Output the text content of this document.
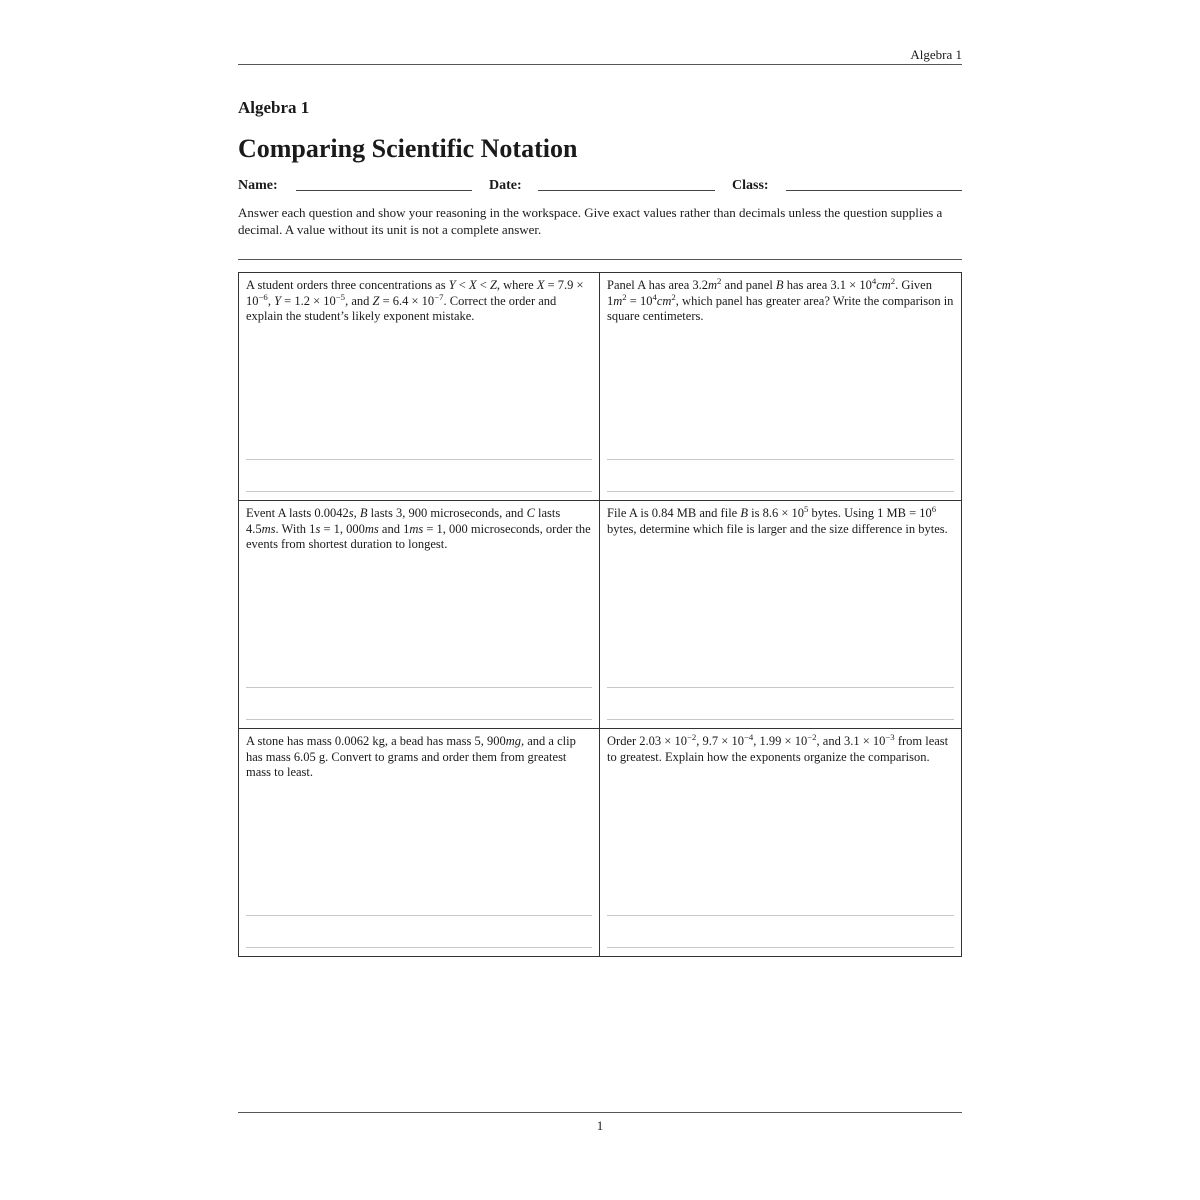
Algebra 1
Algebra 1
Comparing Scientific Notation
Name:	Date:	Class:
Answer each question and show your reasoning in the workspace. Give exact values rather than decimals unless the question supplies a decimal. A value without its unit is not a complete answer.
A student orders three concentrations as Y < X < Z, where $X = 7.9 \times 10^{-6}$, $Y = 1.2 \times 10^{-5}$, and $Z = 6.4 \times 10^{-7}$. Correct the order and explain the student’s likely exponent mistake.
Panel A has area $3.2m^2$ and panel B has area $3.1 \times 10^4cm^2$. Given $1m^2 = 10^4cm^2$, which panel has greater area? Write the comparison in square centimeters.
Event A lasts 0.0042s, B lasts 3, 900 microseconds, and C lasts 4.5ms. With 1s = 1, 000ms and 1ms = 1, 000 microseconds, order the events from shortest duration to longest.
File A is 0.84 MB and file B is $8.6 \times 10^5$ bytes. Using 1 MB = $10^6$ bytes, determine which file is larger and the size difference in bytes.
A stone has mass 0.0062 kg, a bead has mass 5, 900mg, and a clip has mass 6.05 g. Convert to grams and order them from greatest mass to least.
Order $2.03 \times 10^{-2}$, $9.7 \times 10^{-4}$, $1.99 \times 10^{-2}$, and $3.1 \times 10^{-3}$ from least to greatest. Explain how the exponents organize the comparison.
1
